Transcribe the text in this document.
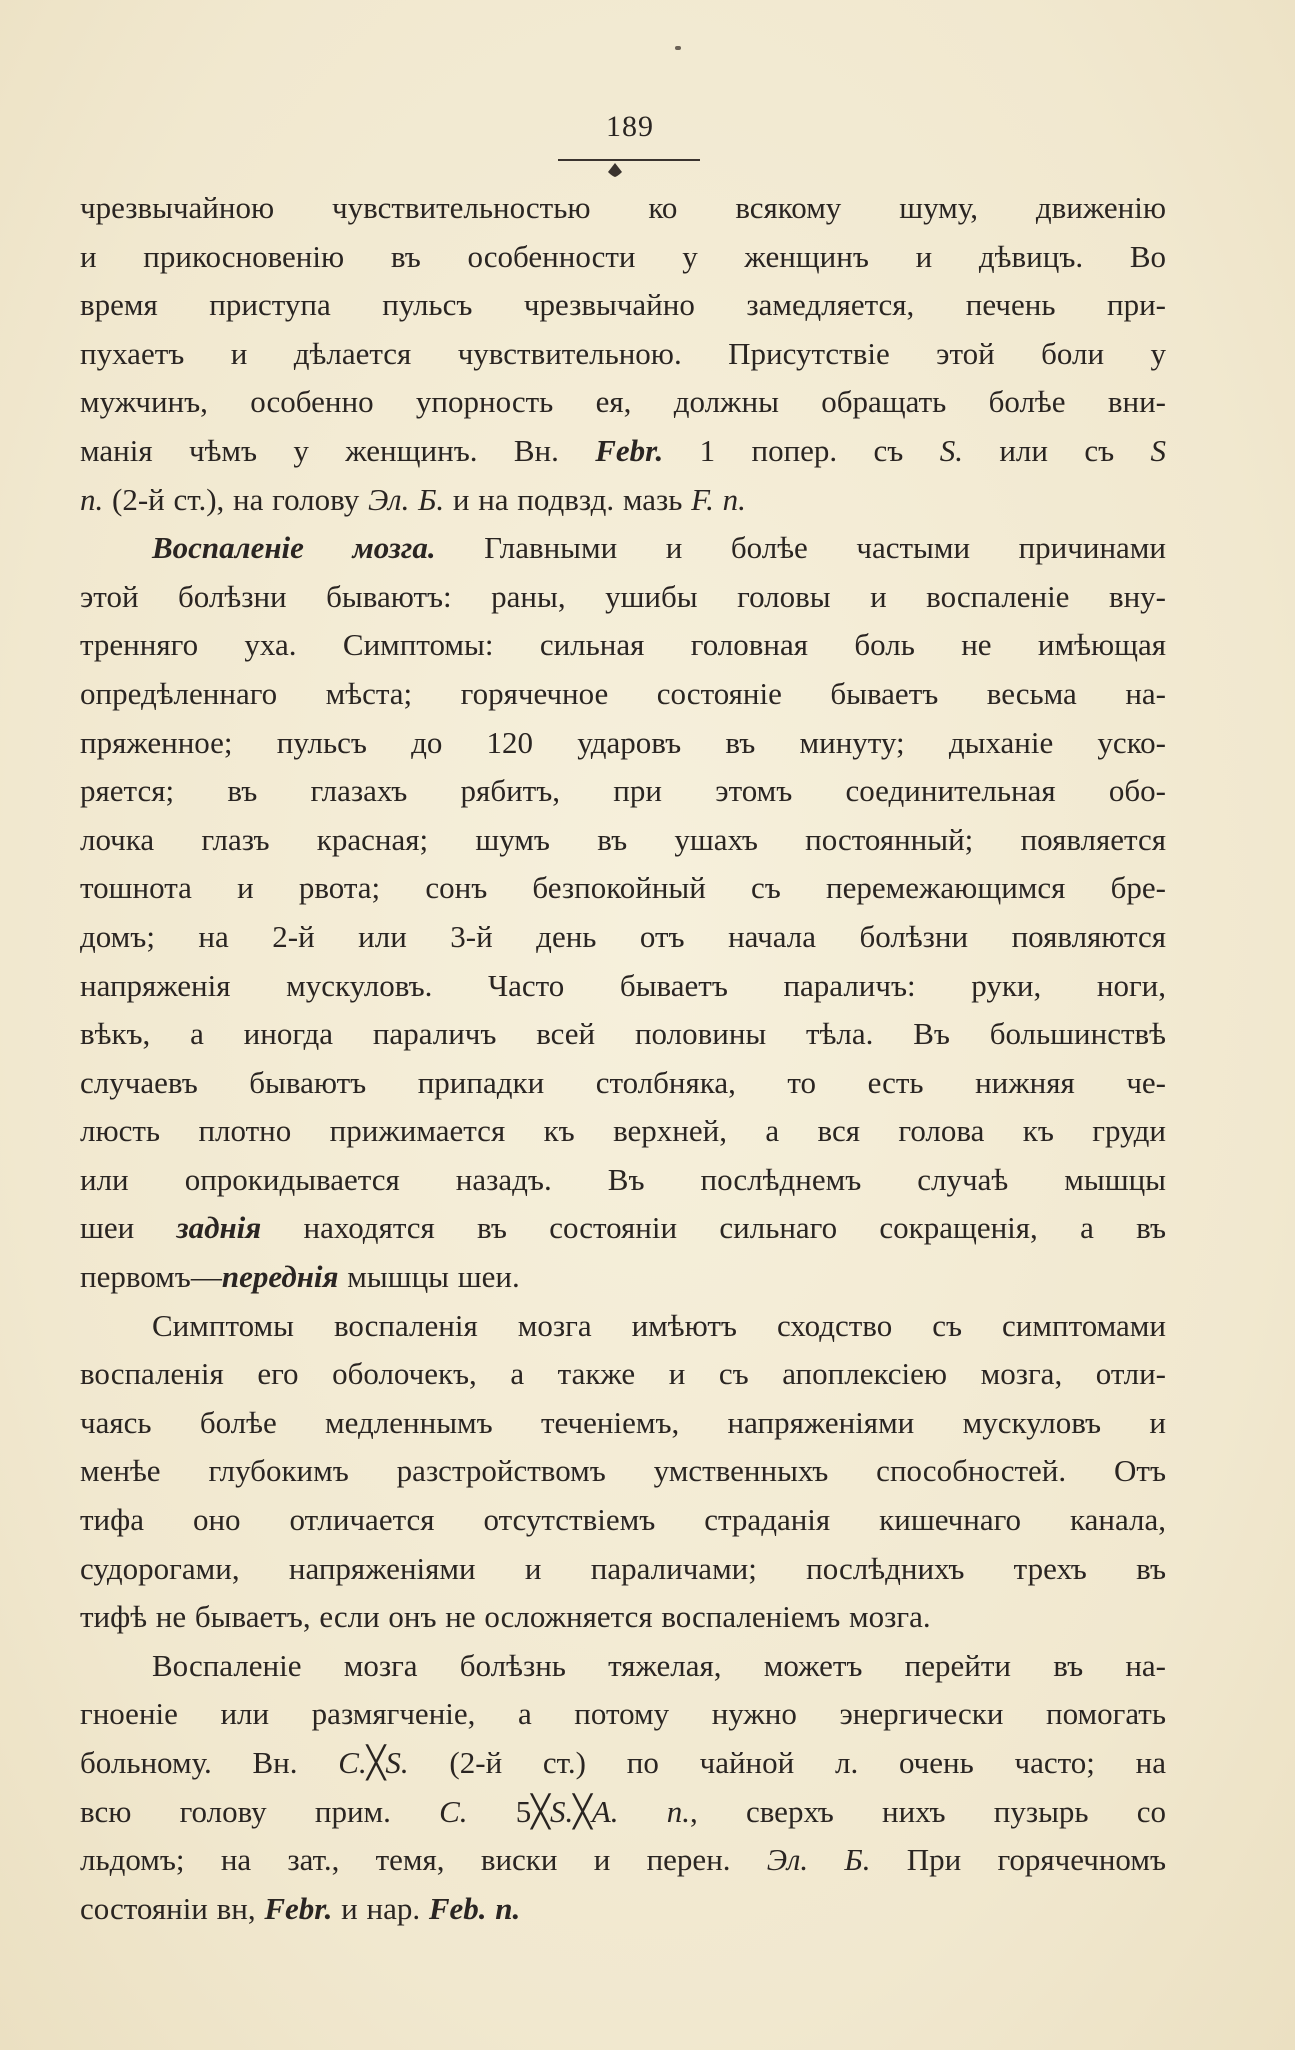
189
чрезвычайною чувствительностью ко всякому шуму, движенію
и прикосновенію въ особенности у женщинъ и дѣвицъ. Во
время приступа пульсъ чрезвычайно замедляется, печень при-
пухаетъ и дѣлается чувствительною. Присутствіе этой боли у
мужчинъ, особенно упорность ея, должны обращать болѣе вни-
манія чѣмъ у женщинъ. Вн. Febr. 1 попер. съ S. или съ S
n. (2-й ст.), на голову Эл. Б. и на подвзд. мазь F. n.
Воспаленіе мозга. Главными и болѣе частыми причинами
этой болѣзни бываютъ: раны, ушибы головы и воспаленіе вну-
тренняго уха. Симптомы: сильная головная боль не имѣющая
опредѣленнаго мѣста; горячечное состояніе бываетъ весьма на-
пряженное; пульсъ до 120 ударовъ въ минуту; дыханіе уско-
ряется; въ глазахъ рябитъ, при этомъ соединительная обо-
лочка глазъ красная; шумъ въ ушахъ постоянный; появляется
тошнота и рвота; сонъ безпокойный съ перемежающимся бре-
домъ; на 2-й или 3-й день отъ начала болѣзни появляются
напряженія мускуловъ. Часто бываетъ параличъ: руки, ноги,
вѣкъ, а иногда параличъ всей половины тѣла. Въ большинствѣ
случаевъ бываютъ припадки столбняка, то есть нижняя че-
люсть плотно прижимается къ верхней, а вся голова къ груди
или опрокидывается назадъ. Въ послѣднемъ случаѣ мышцы
шеи заднія находятся въ состояніи сильнаго сокращенія, а въ
первомъ—переднія мышцы шеи.
Симптомы воспаленія мозга имѣютъ сходство съ симптомами
воспаленія его оболочекъ, а также и съ апоплексіею мозга, отли-
чаясь болѣе медленнымъ теченіемъ, напряженіями мускуловъ и
менѣе глубокимъ разстройствомъ умственныхъ способностей. Отъ
тифа оно отличается отсутствіемъ страданія кишечнаго канала,
судорогами, напряженіями и параличами; послѣднихъ трехъ въ
тифѣ не бываетъ, если онъ не осложняется воспаленіемъ мозга.
Воспаленіе мозга болѣзнь тяжелая, можетъ перейти въ на-
гноеніе или размягченіе, а потому нужно энергически помогать
больному. Вн. C.╳S. (2-й ст.) по чайной л. очень часто; на
всю голову прим. C. 5╳S.╳A. n., сверхъ нихъ пузырь со
льдомъ; на зат., темя, виски и перен. Эл. Б. При горячечномъ
состояніи вн, Febr. и нар. Feb. n.
